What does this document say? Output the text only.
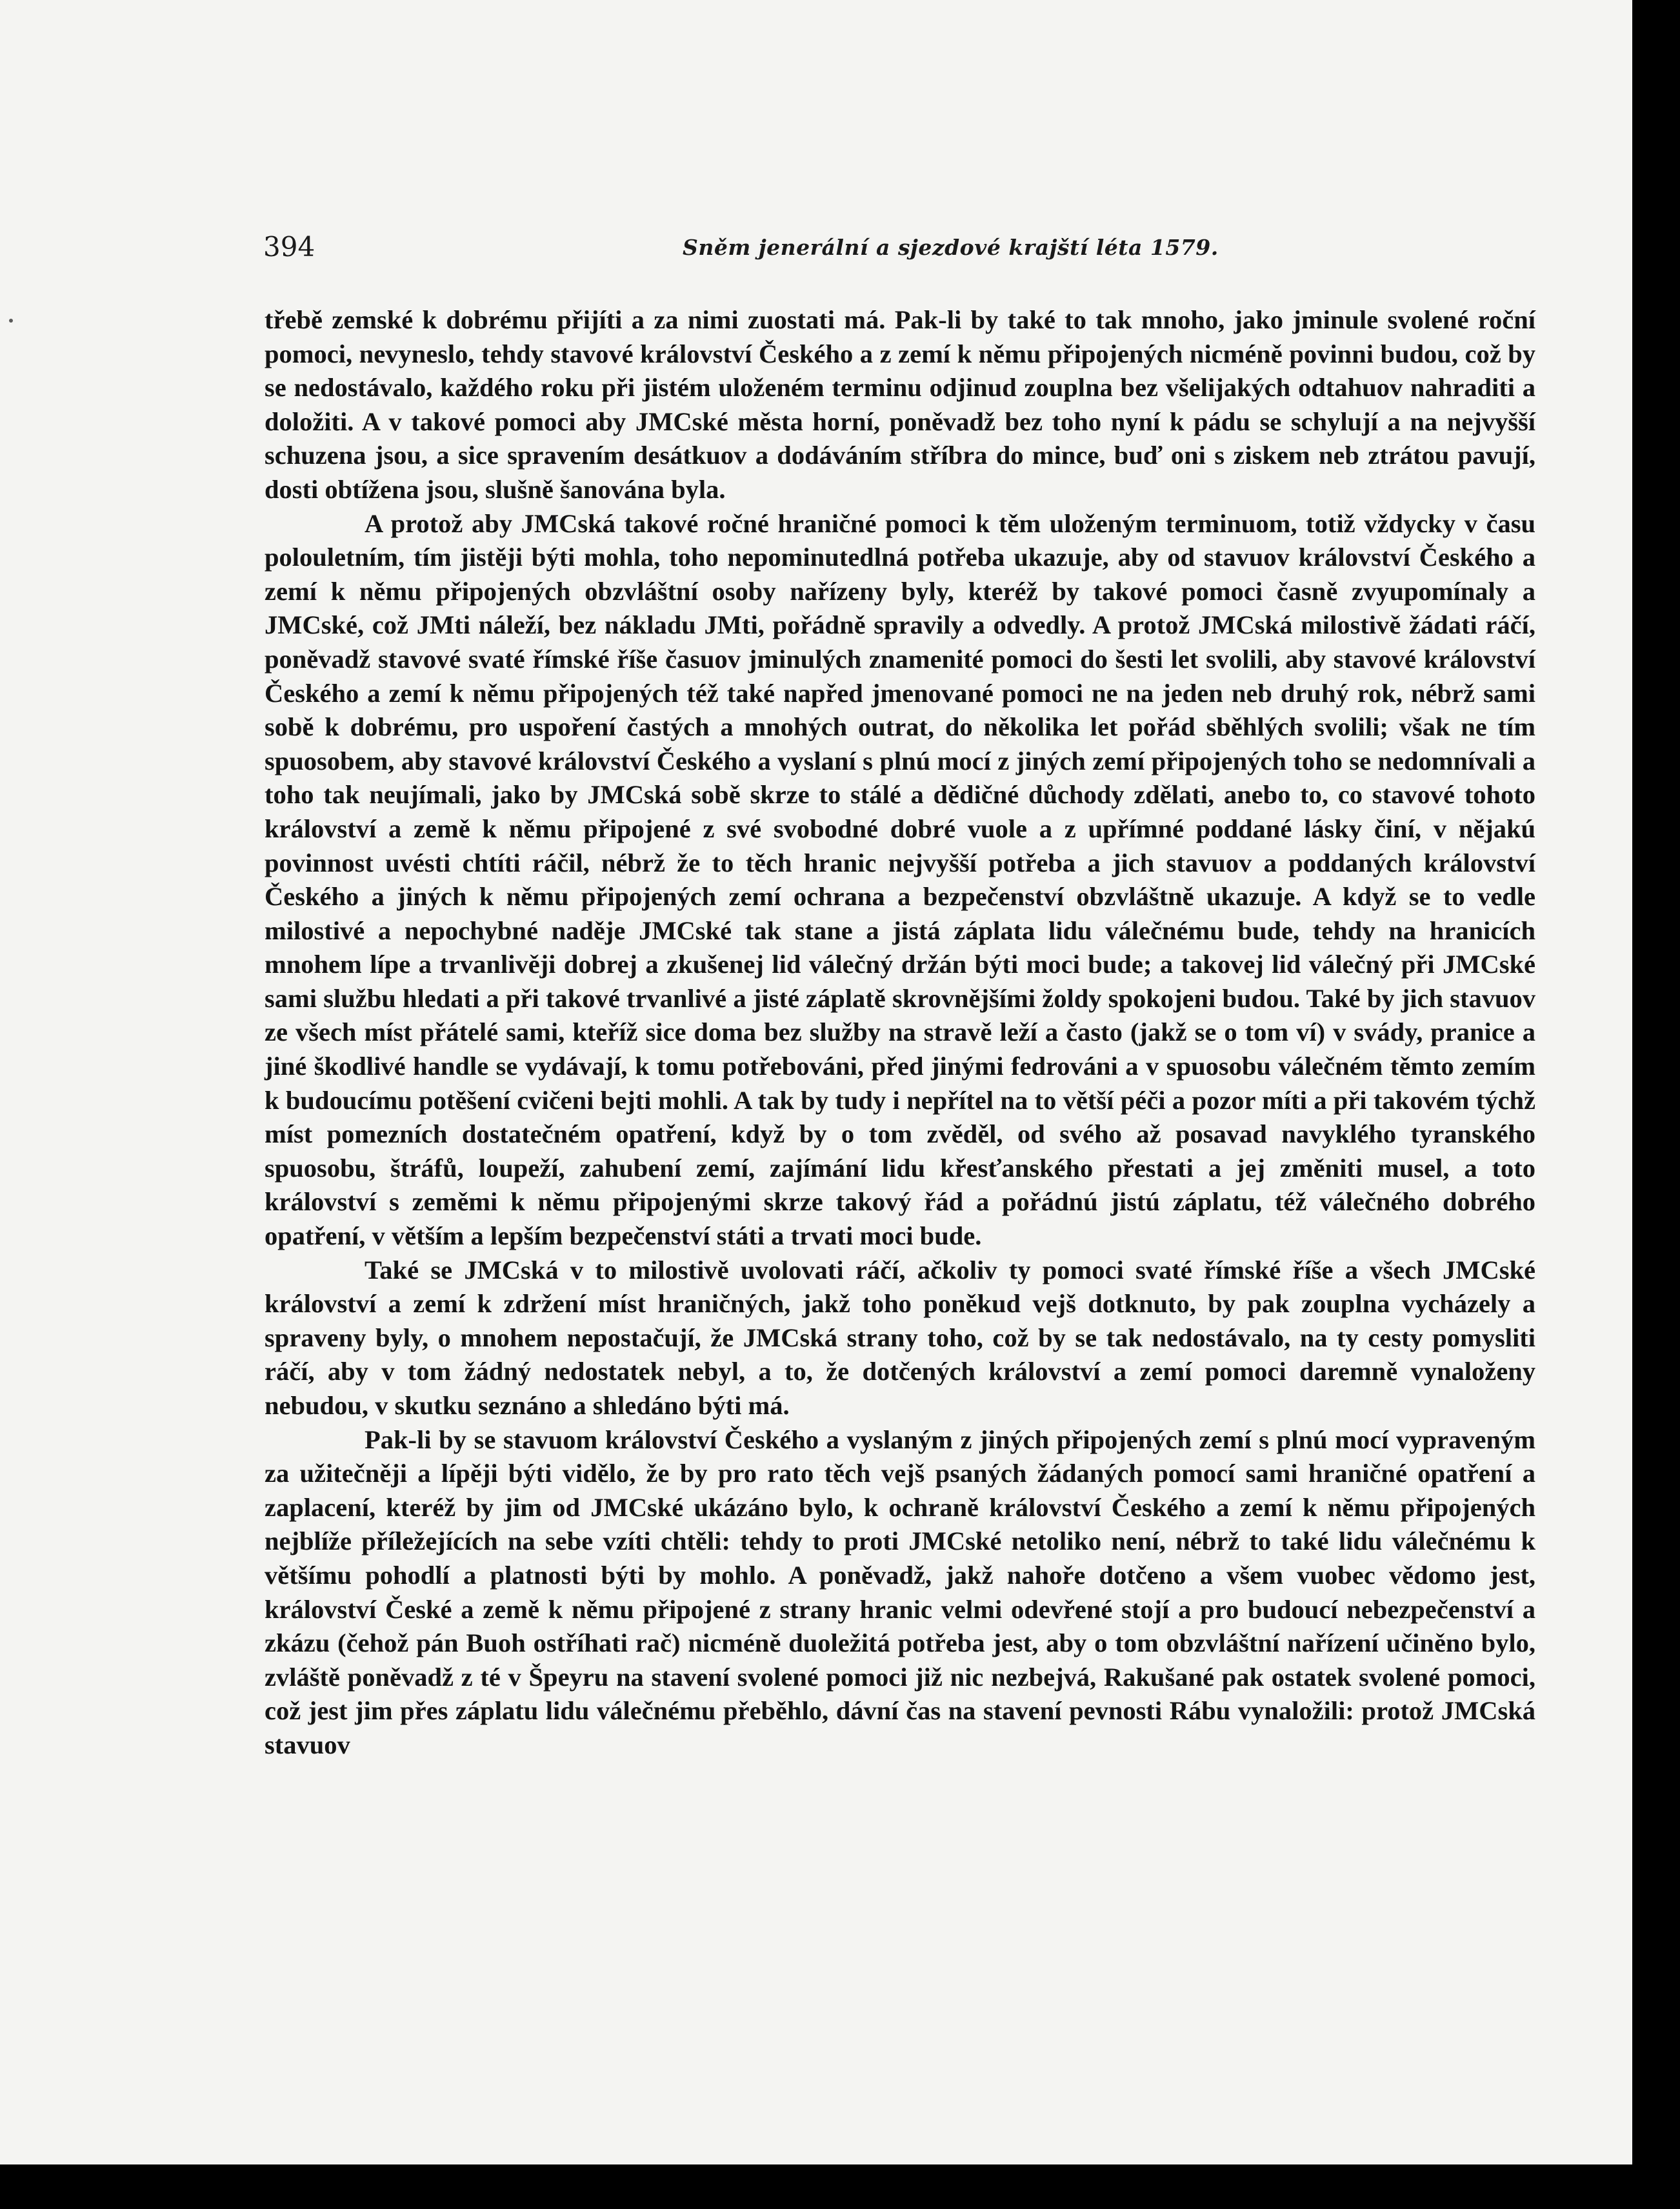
394	Sněm jenerální a sjezdové krajští léta 1579.

třebě zemské k dobrému přijíti a za nimi zuostati má. Pak-li by také to tak mnoho, jako jminule svolené roční pomoci, nevyneslo, tehdy stavové království Českého a z zemí k němu připojených nicméně povinni budou, což by se nedostávalo, každého roku při jistém uloženém terminu odjinud zouplna bez všelijakých odtahuov nahraditi a doložiti. A v takové pomoci aby JMCské města horní, poněvadž bez toho nyní k pádu se schylují a na nejvyšší schuzena jsou, a sice spravením desátkuov a dodáváním stříbra do mince, buď oni s ziskem neb ztrátou pavují, dosti obtížena jsou, slušně šanována byla.

A protož aby JMCská takové ročné hraničné pomoci k těm uloženým terminuom, totiž vždycky v času polouletním, tím jistěji býti mohla, toho nepominutedlná potřeba ukazuje, aby od stavuov království Českého a zemí k němu připojených obzvláštní osoby nařízeny byly, kteréž by takové pomoci časně zvyupomínaly a JMCské, což JMti náleží, bez nákladu JMti, pořádně spravily a odvedly. A protož JMCská milostivě žádati ráčí, poněvadž stavové svaté římské říše časuov jminulých znamenité pomoci do šesti let svolili, aby stavové království Českého a zemí k němu připojených též také napřed jmenované pomoci ne na jeden neb druhý rok, nébrž sami sobě k dobrému, pro uspoření častých a mnohých outrat, do několika let pořád sběhlých svolili; však ne tím spuosobem, aby stavové království Českého a vyslaní s plnú mocí z jiných zemí připojených toho se nedomnívali a toho tak neujímali, jako by JMCská sobě skrze to stálé a dědičné důchody zdělati, anebo to, co stavové tohoto království a země k němu připojené z své svobodné dobré vuole a z upřímné poddané lásky činí, v nějakú povinnost uvésti chtíti ráčil, nébrž že to těch hranic nejvyšší potřeba a jich stavuov a poddaných království Českého a jiných k němu připojených zemí ochrana a bezpečenství obzvláštně ukazuje. A když se to vedle milostivé a nepochybné naděje JMCské tak stane a jistá záplata lidu válečnému bude, tehdy na hranicích mnohem lípe a trvanlivěji dobrej a zkušenej lid válečný držán býti moci bude; a takovej lid válečný při JMCské sami službu hledati a při takové trvanlivé a jisté záplatě skrovnějšími žoldy spokojeni budou. Také by jich stavuov ze všech míst přátelé sami, kteříž sice doma bez služby na stravě leží a často (jakž se o tom ví) v svády, pranice a jiné škodlivé handle se vydávají, k tomu potřebováni, před jinými fedrováni a v spuosobu válečném těmto zemím k budoucímu potěšení cvičeni bejti mohli. A tak by tudy i nepřítel na to větší péči a pozor míti a při takovém týchž míst pomezních dostatečném opatření, když by o tom zvěděl, od svého až posavad navyklého tyranského spuosobu, štráfů, loupeží, zahubení zemí, zajímání lidu křesťanského přestati a jej změniti musel, a toto království s zeměmi k němu připojenými skrze takový řád a pořádnú jistú záplatu, též válečného dobrého opatření, v větším a lepším bezpečenství státi a trvati moci bude.

Také se JMCská v to milostivě uvolovati ráčí, ačkoliv ty pomoci svaté římské říše a všech JMCské království a zemí k zdržení míst hraničných, jakž toho poněkud vejš dotknuto, by pak zouplna vycházely a spraveny byly, o mnohem nepostačují, že JMCská strany toho, což by se tak nedostávalo, na ty cesty pomysliti ráčí, aby v tom žádný nedostatek nebyl, a to, že dotčených království a zemí pomoci daremně vynaloženy nebudou, v skutku seznáno a shledáno býti má.

Pak-li by se stavuom království Českého a vyslaným z jiných připojených zemí s plnú mocí vypraveným za užitečněji a lípěji býti vidělo, že by pro rato těch vejš psaných žádaných pomocí sami hraničné opatření a zaplacení, kteréž by jim od JMCské ukázáno bylo, k ochraně království Českého a zemí k němu připojených nejblíže příležejících na sebe vzíti chtěli: tehdy to proti JMCské netoliko není, nébrž to také lidu válečnému k většímu pohodlí a platnosti býti by mohlo. A poněvadž, jakž nahoře dotčeno a všem vuobec vědomo jest, království České a země k němu připojené z strany hranic velmi odevřené stojí a pro budoucí nebezpečenství a zkázu (čehož pán Buoh ostříhati rač) nicméně duoležitá potřeba jest, aby o tom obzvláštní nařízení učiněno bylo, zvláště poněvadž z té v Špeyru na stavení svolené pomoci již nic nezbejvá, Rakušané pak ostatek svolené pomoci, což jest jim přes záplatu lidu válečnému přeběhlo, dávní čas na stavení pevnosti Rábu vynaložili: protož JMCská stavuov
